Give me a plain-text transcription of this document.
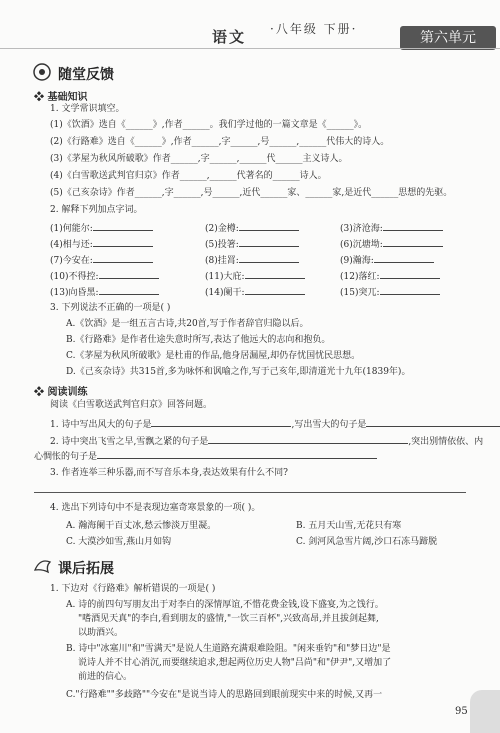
语文 ·八年级 下册·
第六单元
随堂反馈
❖ 基础知识
1. 文学常识填空。
(1)《饮酒》选自《______》,作者______。我们学过他的一篇文章是《______》。
(2)《行路难》选自《______》,作者______,字______,号______,______代伟大的诗人。
(3)《茅屋为秋风所破歌》作者______,字______,______代______主义诗人。
(4)《白雪歌送武判官归京》作者______,______代著名的______诗人。
(5)《己亥杂诗》作者______,字______,号______,近代______家、______家,是近代______思想的先驱。
2. 解释下列加点字词。
(1)何能尔:	(2)金樽:	(3)济沧海:
(4)相与还:	(5)投箸:	(6)沉塘坳:
(7)今安在:	(8)挂罥:	(9)瀚海:
(10)不得控:	(11)大庇:	(12)落红:
(13)向昏黑:	(14)阑干:	(15)突兀:
3. 下列说法不正确的一项是( )
A.《饮酒》是一组五言古诗,共20首,写于作者辞官归隐以后。
B.《行路难》是作者仕途失意时所写,表达了他远大的志向和抱负。
C.《茅屋为秋风所破歌》是杜甫的作品,他身居漏屋,却仍存忧国忧民思想。
D.《己亥杂诗》共315首,多为咏怀和讽喻之作,写于己亥年,即清道光十九年(1839年)。
❖ 阅读训练
阅读《白雪歌送武判官归京》回答问题。
1. 诗中写出风大的句子是	,写出雪大的句子是
2. 诗中突出飞雪之早,雪飘之紧的句子是	,突出别情依依、内
心惆怅的句子是
3. 作者连举三种乐器,而不写音乐本身,表达效果有什么不同?
4. 选出下列诗句中不是表现边塞奇寒景象的一项( )。
A. 瀚海阑干百丈冰,愁云惨淡万里凝。	B. 五月天山雪,无花只有寒
C. 大漠沙如雪,燕山月如钩	C. 剑河风急雪片阔,沙口石冻马蹄脱
课后拓展
1. 下边对《行路难》解析错误的一项是( )
A. 诗的前四句写朋友出于对李白的深情厚谊,不惜花费金钱,设下盛宴,为之饯行。
"嗜酒见天真"的李白,看到朋友的盛情,"一饮三百杯",兴致高昂,并且拔剑起舞,
以助酒兴。
B. 诗中"冰塞川"和"雪满天"是说人生道路充满艰难险阻。"闲来垂钓"和"梦日边"是
说诗人并不甘心消沉,而要继续追求,想起两位历史人物"吕尚"和"伊尹",又增加了
前进的信心。
C."行路难""多歧路""今安在"是说当诗人的思路回到眼前现实中来的时候,又再一
95
